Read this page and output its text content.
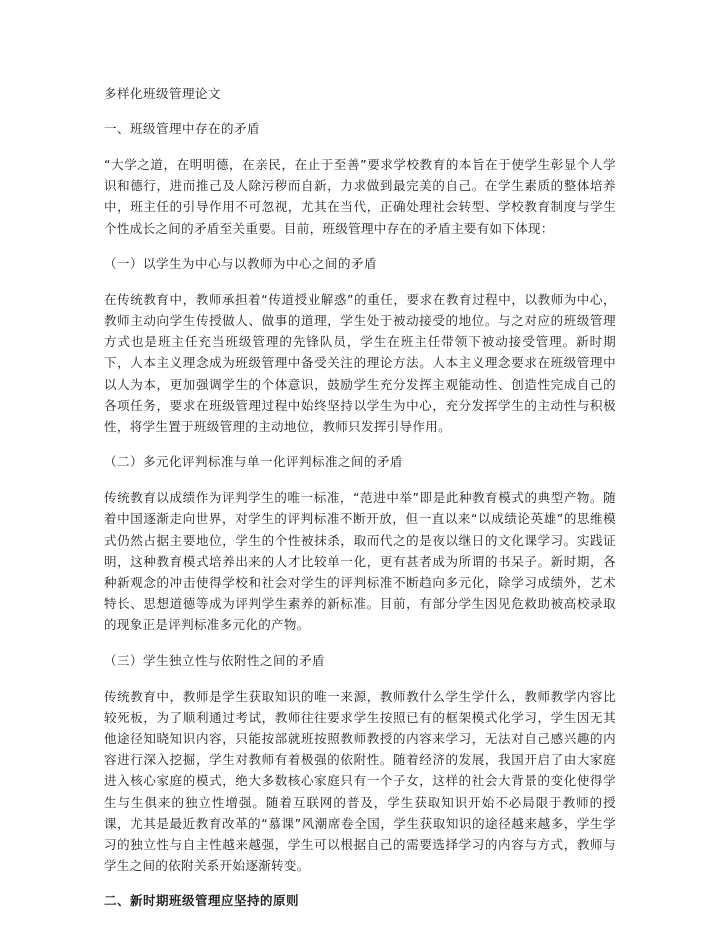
多样化班级管理论文
一、班级管理中存在的矛盾

“大学之道，在明明德，在亲民，在止于至善”要求学校教育的本旨在于使学生彰显个人学识和德行，进而推己及人除污秽而自新，力求做到最完美的自己。在学生素质的整体培养中，班主任的引导作用不可忽视，尤其在当代，正确处理社会转型、学校教育制度与学生个性成长之间的矛盾至关重要。目前，班级管理中存在的矛盾主要有如下体现：

（一）以学生为中心与以教师为中心之间的矛盾

在传统教育中，教师承担着“传道授业解惑”的重任，要求在教育过程中，以教师为中心，教师主动向学生传授做人、做事的道理，学生处于被动接受的地位。与之对应的班级管理方式也是班主任充当班级管理的先锋队员，学生在班主任带领下被动接受管理。新时期下，人本主义理念成为班级管理中备受关注的理论方法。人本主义理念要求在班级管理中以人为本，更加强调学生的个体意识，鼓励学生充分发挥主观能动性、创造性完成自己的各项任务，要求在班级管理过程中始终坚持以学生为中心，充分发挥学生的主动性与积极性，将学生置于班级管理的主动地位，教师只发挥引导作用。

（二）多元化评判标准与单一化评判标准之间的矛盾

传统教育以成绩作为评判学生的唯一标准，“范进中举”即是此种教育模式的典型产物。随着中国逐渐走向世界，对学生的评判标准不断开放，但一直以来“以成绩论英雄”的思维模式仍然占据主要地位，学生的个性被抹杀，取而代之的是夜以继日的文化课学习。实践证明，这种教育模式培养出来的人才比较单一化，更有甚者成为所谓的书呆子。新时期，各种新观念的冲击使得学校和社会对学生的评判标准不断趋向多元化，除学习成绩外，艺术特长、思想道德等成为评判学生素养的新标准。目前，有部分学生因见危救助被高校录取的现象正是评判标准多元化的产物。

（三）学生独立性与依附性之间的矛盾

传统教育中，教师是学生获取知识的唯一来源，教师教什么学生学什么，教师教学内容比较死板，为了顺利通过考试，教师往往要求学生按照已有的框架模式化学习，学生因无其他途径知晓知识内容，只能按部就班按照教师教授的内容来学习，无法对自己感兴趣的内容进行深入挖掘，学生对教师有着极强的依附性。随着经济的发展，我国开启了由大家庭进入核心家庭的模式，绝大多数核心家庭只有一个子女，这样的社会大背景的变化使得学生与生俱来的独立性增强。随着互联网的普及，学生获取知识开始不必局限于教师的授课，尤其是最近教育改革的“慕课”风潮席卷全国，学生获取知识的途径越来越多，学生学习的独立性与自主性越来越强，学生可以根据自己的需要选择学习的内容与方式，教师与学生之间的依附关系开始逐渐转变。

二、新时期班级管理应坚持的原则
